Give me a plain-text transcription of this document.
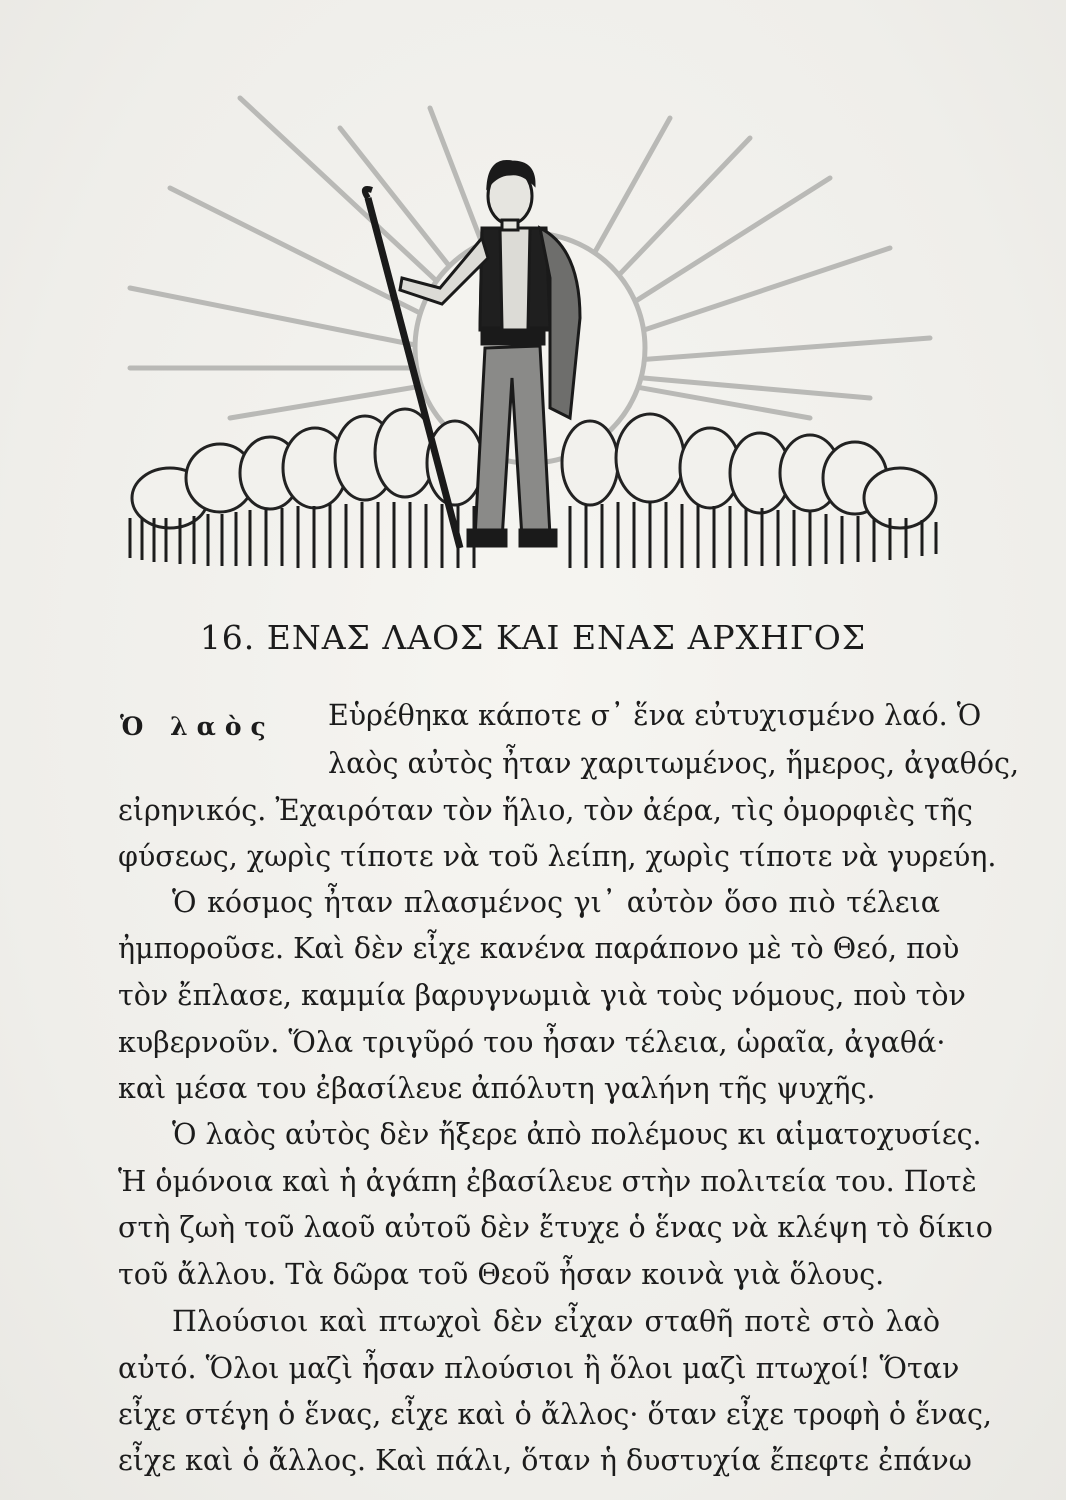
16. ΕΝΑΣ ΛΑΟΣ ΚΑΙ ΕΝΑΣ ΑΡΧΗΓΟΣ
Ὁ λαὸς Εὑρέθηκα κάποτε σ᾽ ἕνα εὐτυχισμένο λαό. Ὁ
λαὸς αὐτὸς ἦταν χαριτωμένος, ἥμερος, ἀγαθός,
εἰρηνικός. Ἐχαιρόταν τὸν ἥλιο, τὸν ἀέρα, τὶς ὀμορφιὲς τῆς
φύσεως, χωρὶς τίποτε νὰ τοῦ λείπη, χωρὶς τίποτε νὰ γυρεύη.
Ὁ κόσμος ἦταν πλασμένος γι᾽ αὐτὸν ὅσο πιὸ τέλεια
ἠμποροῦσε. Καὶ δὲν εἶχε κανένα παράπονο μὲ τὸ Θεό, ποὺ
τὸν ἔπλασε, καμμία βαρυγνωμιὰ γιὰ τοὺς νόμους, ποὺ τὸν
κυβερνοῦν. Ὅλα τριγῦρό του ἦσαν τέλεια, ὡραῖα, ἀγαθά·
καὶ μέσα του ἐβασίλευε ἀπόλυτη γαλήνη τῆς ψυχῆς.
Ὁ λαὸς αὐτὸς δὲν ἤξερε ἀπὸ πολέμους κι αἱματοχυσίες.
Ἡ ὁμόνοια καὶ ἡ ἀγάπη ἐβασίλευε στὴν πολιτεία του. Ποτὲ
στὴ ζωὴ τοῦ λαοῦ αὐτοῦ δὲν ἔτυχε ὁ ἕνας νὰ κλέψη τὸ δίκιο
τοῦ ἄλλου. Τὰ δῶρα τοῦ Θεοῦ ἦσαν κοινὰ γιὰ ὅλους.
Πλούσιοι καὶ πτωχοὶ δὲν εἶχαν σταθῆ ποτὲ στὸ λαὸ
αὐτό. Ὅλοι μαζὶ ἦσαν πλούσιοι ἢ ὅλοι μαζὶ πτωχοί! Ὅταν
εἶχε στέγη ὁ ἕνας, εἶχε καὶ ὁ ἄλλος· ὅταν εἶχε τροφὴ ὁ ἕνας,
εἶχε καὶ ὁ ἄλλος. Καὶ πάλι, ὅταν ἡ δυστυχία ἔπεφτε ἐπάνω
